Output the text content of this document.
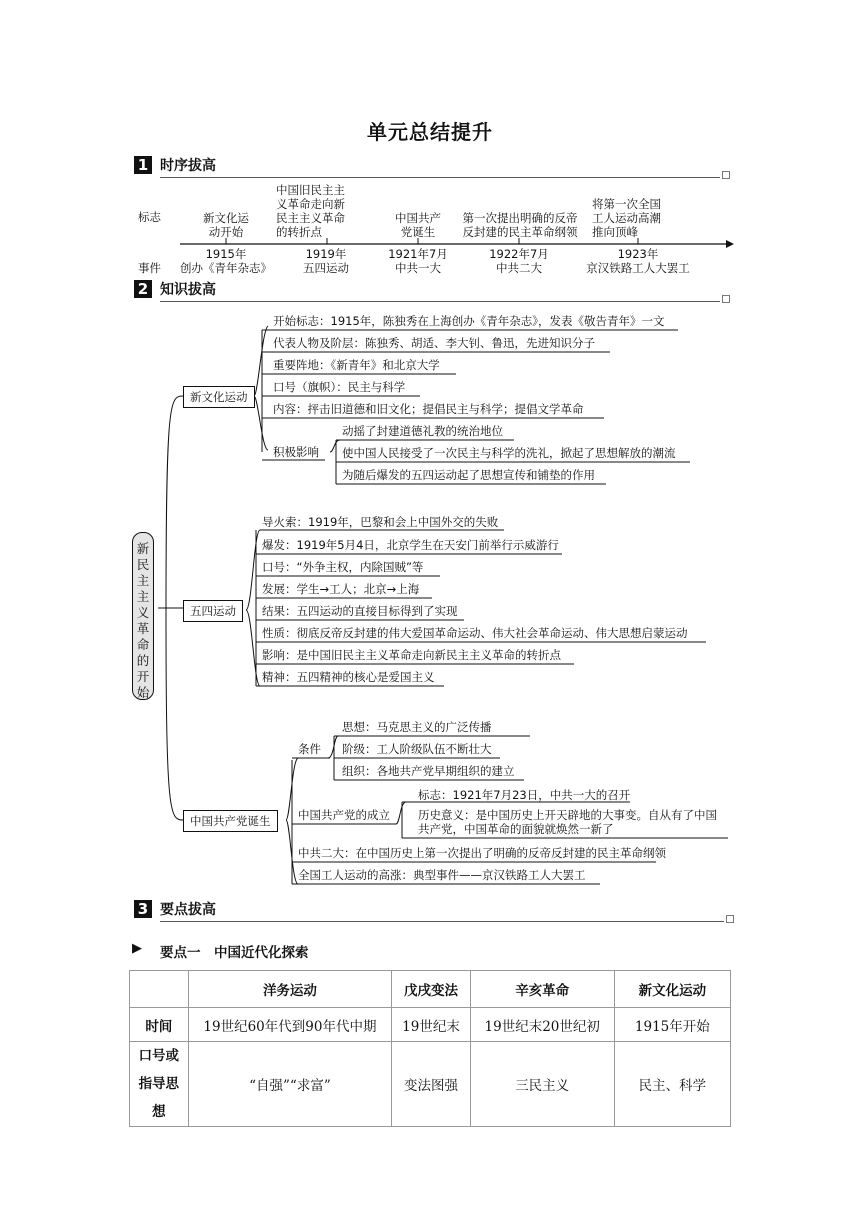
单元总结提升
1 时序拔高
标志
事件
新文化运
动开始
1915年
创办《青年杂志》
中国旧民主主
义革命走向新
民主主义革命
的转折点
1919年
五四运动
中国共产
党诞生
1921年7月
中共一大
第一次提出明确的反帝
反封建的民主革命纲领
1922年7月
中共二大
将第一次全国
工人运动高潮
推向顶峰
1923年
京汉铁路工人大罢工
2 知识拔高
新民主主义革命的开始
新文化运动
开始标志：1915年，陈独秀在上海创办《青年杂志》，发表《敬告青年》一文
代表人物及阶层：陈独秀、胡适、李大钊、鲁迅，先进知识分子
重要阵地：《新青年》和北京大学
口号（旗帜）：民主与科学
内容：抨击旧道德和旧文化；提倡民主与科学；提倡文学革命
积极影响
动摇了封建道德礼教的统治地位
使中国人民接受了一次民主与科学的洗礼，掀起了思想解放的潮流
为随后爆发的五四运动起了思想宣传和铺垫的作用
五四运动
导火索：1919年，巴黎和会上中国外交的失败
爆发：1919年5月4日，北京学生在天安门前举行示威游行
口号：“外争主权，内除国贼”等
发展：学生→工人；北京→上海
结果：五四运动的直接目标得到了实现
性质：彻底反帝反封建的伟大爱国革命运动、伟大社会革命运动、伟大思想启蒙运动
影响：是中国旧民主主义革命走向新民主主义革命的转折点
精神：五四精神的核心是爱国主义
中国共产党诞生
条件
思想：马克思主义的广泛传播
阶级：工人阶级队伍不断壮大
组织：各地共产党早期组织的建立
中国共产党的成立
标志：1921年7月23日，中共一大的召开
历史意义：是中国历史上开天辟地的大事变。自从有了中国
共产党，中国革命的面貌就焕然一新了
中共二大：在中国历史上第一次提出了明确的反帝反封建的民主革命纲领
全国工人运动的高涨：典型事件——京汉铁路工人大罢工
3 要点拔高
▶ 要点一　中国近代化探索
	洋务运动	戊戌变法	辛亥革命	新文化运动
时间	19世纪60年代到90年代中期	19世纪末	19世纪末20世纪初	1915年开始
口号或指导思想	“自强”“求富”	变法图强	三民主义	民主、科学
